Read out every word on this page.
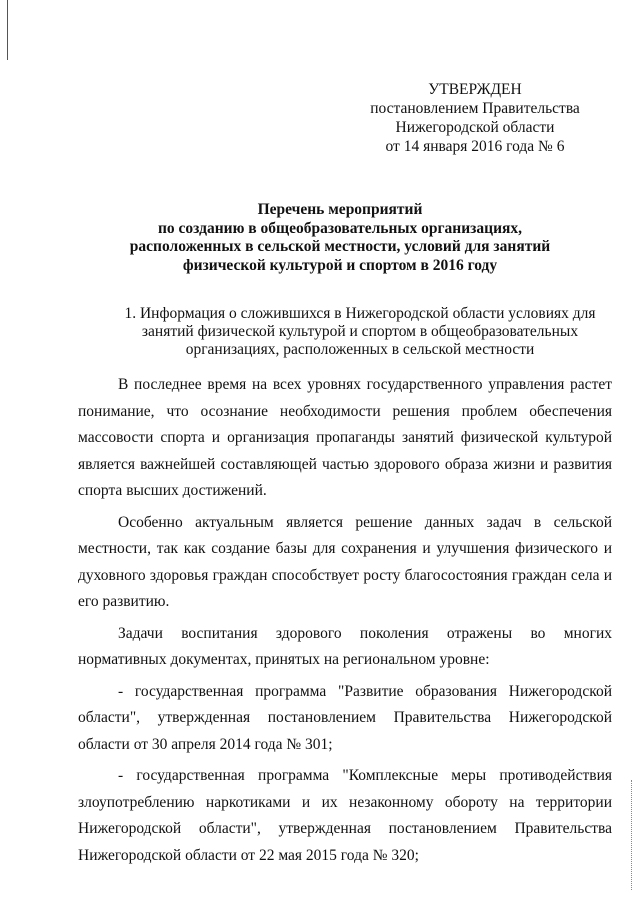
УТВЕРЖДЕН
постановлением Правительства
Нижегородской области
от 14 января 2016 года № 6
Перечень мероприятий
по созданию в общеобразовательных организациях,
расположенных в сельской местности, условий для занятий
физической культурой и спортом в 2016 году
1. Информация о сложившихся в Нижегородской области условиях для
занятий физической культурой и спортом в общеобразовательных
организациях, расположенных в сельской местности

В последнее время на всех уровнях государственного управления растет понимание, что осознание необходимости решения проблем обеспечения массовости спорта и организация пропаганды занятий физической культурой является важнейшей составляющей частью здорового образа жизни и развития спорта высших достижений.

Особенно актуальным является решение данных задач в сельской местности, так как создание базы для сохранения и улучшения физического и духовного здоровья граждан способствует росту благосостояния граждан села и его развитию.

Задачи воспитания здорового поколения отражены во многих нормативных документах, принятых на региональном уровне:

- государственная программа "Развитие образования Нижегородской области", утвержденная постановлением Правительства Нижегородской области от 30 апреля 2014 года № 301;

- государственная программа "Комплексные меры противодействия злоупотреблению наркотиками и их незаконному обороту на территории Нижегородской области", утвержденная постановлением Правительства Нижегородской области от 22 мая 2015 года № 320;
